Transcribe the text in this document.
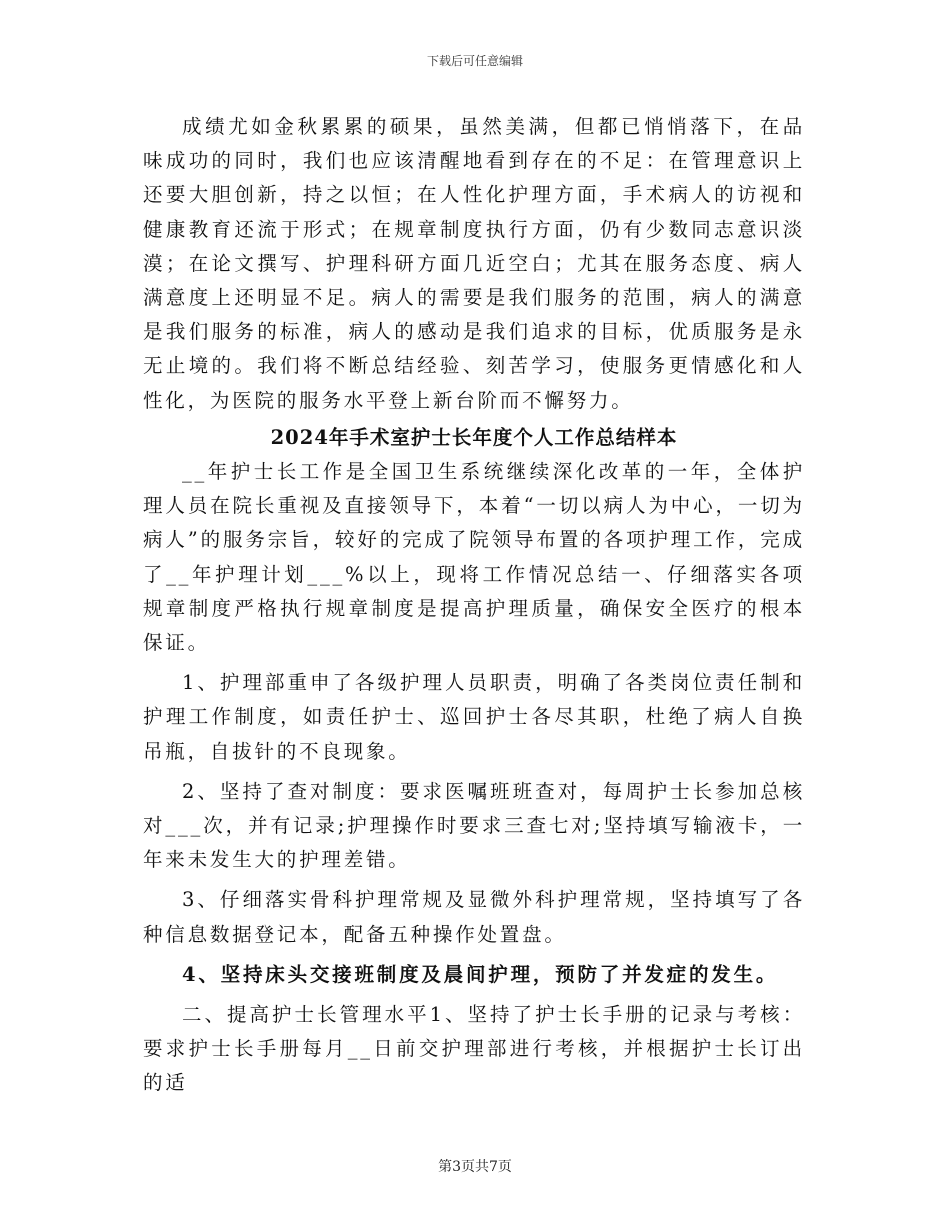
下载后可任意编辑

成绩尤如金秋累累的硕果，虽然美满，但都已悄悄落下，在品味成功的同时，我们也应该清醒地看到存在的不足：在管理意识上还要大胆创新，持之以恒；在人性化护理方面，手术病人的访视和健康教育还流于形式；在规章制度执行方面，仍有少数同志意识淡漠；在论文撰写、护理科研方面几近空白；尤其在服务态度、病人满意度上还明显不足。病人的需要是我们服务的范围，病人的满意是我们服务的标准，病人的感动是我们追求的目标，优质服务是永无止境的。我们将不断总结经验、刻苦学习，使服务更情感化和人性化，为医院的服务水平登上新台阶而不懈努力。

2024年手术室护士长年度个人工作总结样本

__年护士长工作是全国卫生系统继续深化改革的一年，全体护理人员在院长重视及直接领导下，本着“一切以病人为中心，一切为病人”的服务宗旨，较好的完成了院领导布置的各项护理工作，完成了__年护理计划___%以上，现将工作情况总结一、仔细落实各项规章制度严格执行规章制度是提高护理质量，确保安全医疗的根本保证。

1、护理部重申了各级护理人员职责，明确了各类岗位责任制和护理工作制度，如责任护士、巡回护士各尽其职，杜绝了病人自换吊瓶，自拔针的不良现象。

2、坚持了查对制度：要求医嘱班班查对，每周护士长参加总核对___次，并有记录;护理操作时要求三查七对;坚持填写输液卡，一年来未发生大的护理差错。

3、仔细落实骨科护理常规及显微外科护理常规，坚持填写了各种信息数据登记本，配备五种操作处置盘。

4、坚持床头交接班制度及晨间护理，预防了并发症的发生。

二、提高护士长管理水平1、坚持了护士长手册的记录与考核：要求护士长手册每月__日前交护理部进行考核，并根据护士长订出的适

第3页共7页
